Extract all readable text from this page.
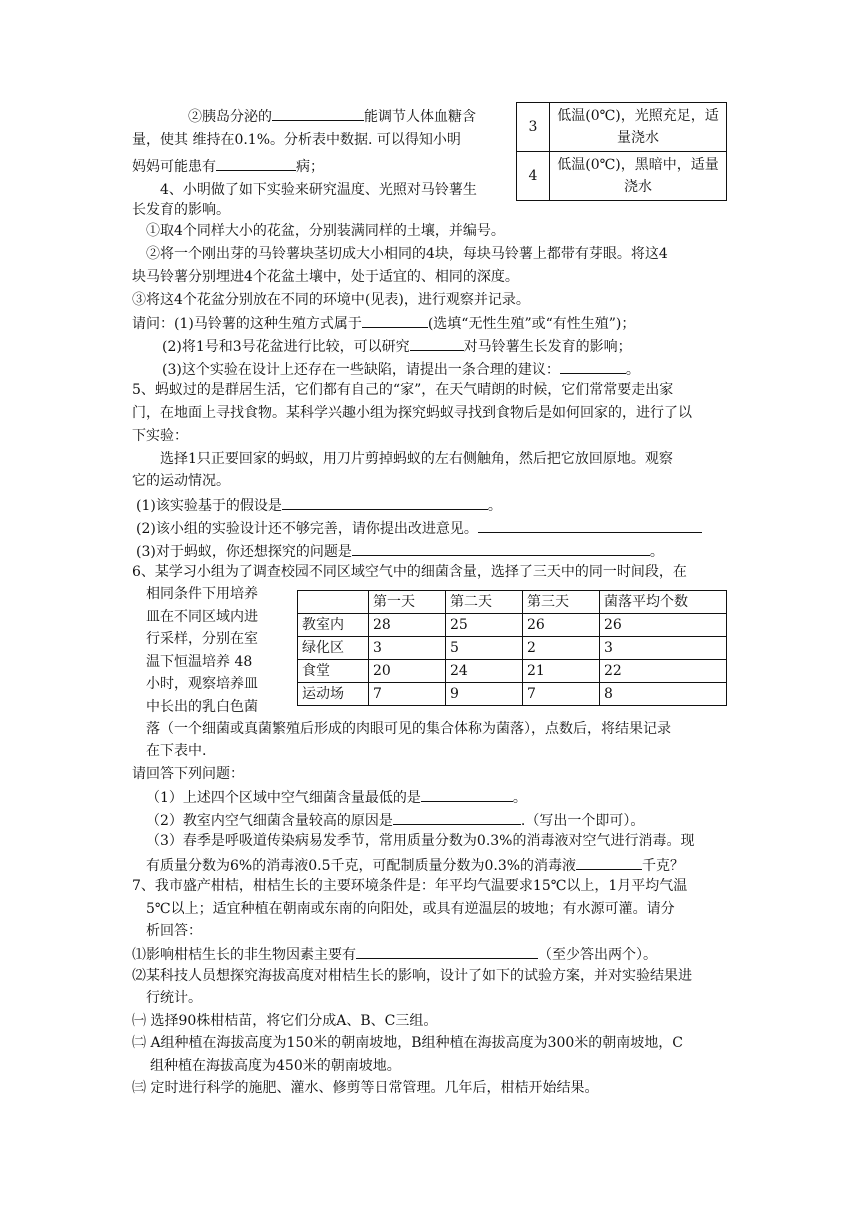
3	低温(0℃)，光照充足，适
量浇水
4	低温(0℃)，黑暗中，适量
浇水
②胰岛分泌的	能调节人体血糖含
量，使其 维持在0.1%。分析表中数据. 可以得知小明
妈妈可能患有	病；
4、小明做了如下实验来研究温度、光照对马铃薯生
长发育的影响。
①取4个同样大小的花盆，分别装满同样的土壤，并编号。
②将一个刚出芽的马铃薯块茎切成大小相同的4块，每块马铃薯上都带有芽眼。将这4
块马铃薯分别埋进4个花盆土壤中，处于适宜的、相同的深度。
③将这4个花盆分别放在不同的环境中(见表)，进行观察并记录。
请问：(1)马铃薯的这种生殖方式属于	(选填“无性生殖”或“有性生殖”)；
(2)将1号和3号花盆进行比较，可以研究	对马铃薯生长发育的影响；
(3)这个实验在设计上还存在一些缺陷，请提出一条合理的建议：	。
5、蚂蚁过的是群居生活，它们都有自己的“家”，在天气晴朗的时候，它们常常要走出家
门，在地面上寻找食物。某科学兴趣小组为探究蚂蚁寻找到食物后是如何回家的，进行了以
下实验：
选择1只正要回家的蚂蚁，用刀片剪掉蚂蚁的左右侧触角，然后把它放回原地。观察
它的运动情况。
(1)该实验基于的假设是	。
(2)该小组的实验设计还不够完善，请你提出改进意见。
(3)对于蚂蚁，你还想探究的问题是	。
6、某学习小组为了调查校园不同区域空气中的细菌含量，选择了三天中的同一时间段，在
相同条件下用培养
皿在不同区域内进
行采样，分别在室
温下恒温培养 48
小时，观察培养皿
中长出的乳白色菌
	第一天	第二天	第三天	菌落平均个数
教室内	28	25	26	26
绿化区	3	5	2	3
食堂	20	24	21	22
运动场	7	9	7	8
落（一个细菌或真菌繁殖后形成的肉眼可见的集合体称为菌落），点数后，将结果记录
在下表中.
请回答下列问题：
（1）上述四个区域中空气细菌含量最低的是	。
（2）教室内空气细菌含量较高的原因是	.（写出一个即可）。
（3）春季是呼吸道传染病易发季节，常用质量分数为0.3%的消毒液对空气进行消毒。现
有质量分数为6%的消毒液0.5千克，可配制质量分数为0.3%的消毒液	千克？
7、我市盛产柑桔，柑桔生长的主要环境条件是：年平均气温要求15℃以上，1月平均气温
5℃以上；适宜种植在朝南或东南的向阳处，或具有逆温层的坡地；有水源可灌。请分
析回答：
⑴影响柑桔生长的非生物因素主要有	（至少答出两个）。
⑵某科技人员想探究海拔高度对柑桔生长的影响，设计了如下的试验方案，并对实验结果进
行统计。
㈠ 选择90株柑桔苗，将它们分成A、B、C三组。
㈡ A组种植在海拔高度为150米的朝南坡地，B组种植在海拔高度为300米的朝南坡地，C
组种植在海拔高度为450米的朝南坡地。
㈢ 定时进行科学的施肥、灌水、修剪等日常管理。几年后，柑桔开始结果。
